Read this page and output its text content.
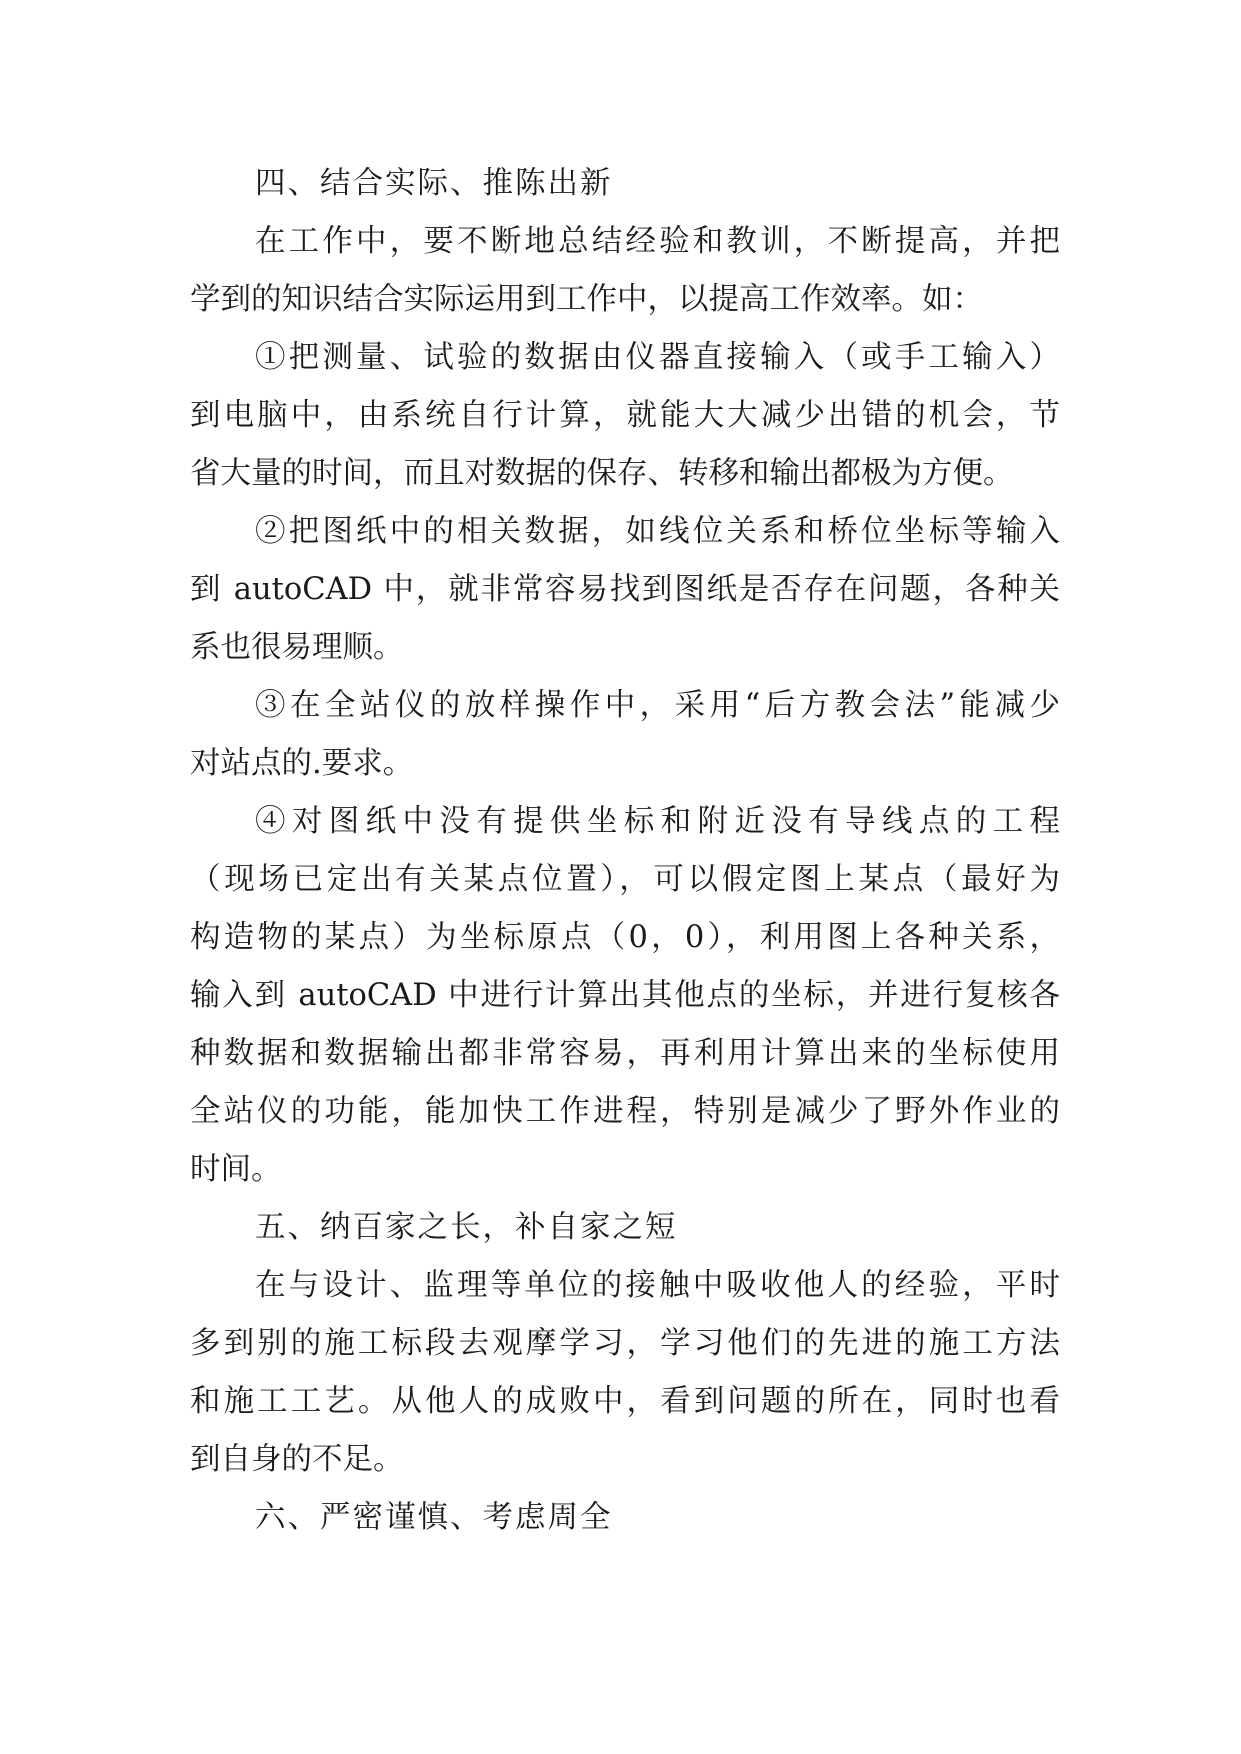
四、结合实际、推陈出新
在工作中，要不断地总结经验和教训，不断提高，并把
学到的知识结合实际运用到工作中，以提高工作效率。如：
①把测量、试验的数据由仪器直接输入（或手工输入）
到电脑中，由系统自行计算，就能大大减少出错的机会，节
省大量的时间，而且对数据的保存、转移和输出都极为方便。
②把图纸中的相关数据，如线位关系和桥位坐标等输入
到 autoCAD 中，就非常容易找到图纸是否存在问题，各种关
系也很易理顺。
③在全站仪的放样操作中，采用“后方教会法”能减少
对站点的.要求。
④对图纸中没有提供坐标和附近没有导线点的工程
（现场已定出有关某点位置），可以假定图上某点（最好为
构造物的某点）为坐标原点（0，0），利用图上各种关系，
输入到 autoCAD 中进行计算出其他点的坐标，并进行复核各
种数据和数据输出都非常容易，再利用计算出来的坐标使用
全站仪的功能，能加快工作进程，特别是减少了野外作业的
时间。
五、纳百家之长，补自家之短
在与设计、监理等单位的接触中吸收他人的经验，平时
多到别的施工标段去观摩学习，学习他们的先进的施工方法
和施工工艺。从他人的成败中，看到问题的所在，同时也看
到自身的不足。
六、严密谨慎、考虑周全
